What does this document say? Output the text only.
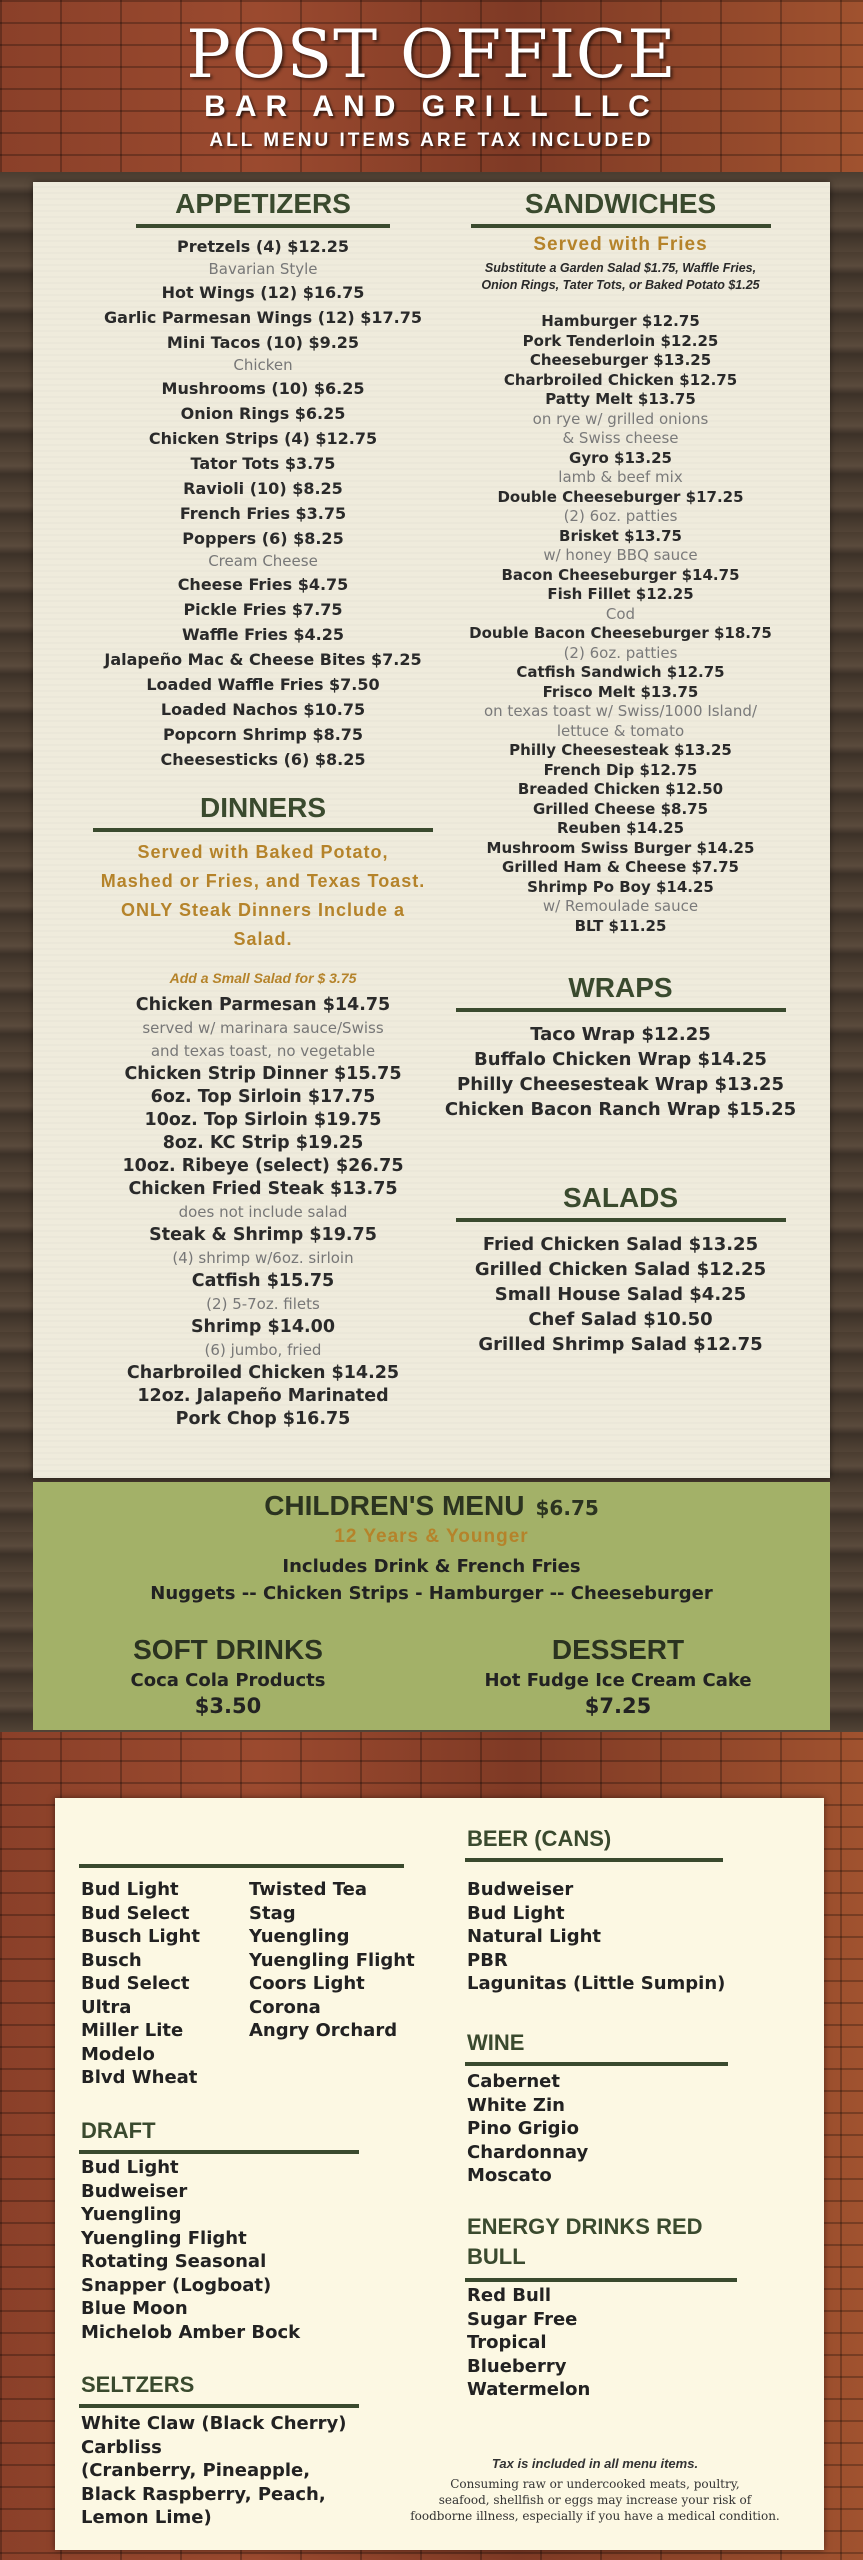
POST OFFICE
BAR AND GRILL LLC
ALL MENU ITEMS ARE TAX INCLUDED
APPETIZERS
Pretzels (4) $12.25
Bavarian Style
Hot Wings (12) $16.75
Garlic Parmesan Wings (12) $17.75
Mini Tacos (10) $9.25
Chicken
Mushrooms (10) $6.25
Onion Rings $6.25
Chicken Strips (4) $12.75
Tator Tots $3.75
Ravioli (10) $8.25
French Fries $3.75
Poppers (6) $8.25
Cream Cheese
Cheese Fries $4.75
Pickle Fries $7.75
Waffle Fries $4.25
Jalapeño Mac & Cheese Bites $7.25
Loaded Waffle Fries $7.50
Loaded Nachos $10.75
Popcorn Shrimp $8.75
Cheesesticks (6) $8.25
DINNERS
Served with Baked Potato,
Mashed or Fries, and Texas Toast.
ONLY Steak Dinners Include a Salad.
Add a Small Salad for $ 3.75
Chicken Parmesan $14.75
served w/ marinara sauce/Swiss
and texas toast, no vegetable
Chicken Strip Dinner $15.75
6oz. Top Sirloin $17.75
10oz. Top Sirloin $19.75
8oz. KC Strip $19.25
10oz. Ribeye (select) $26.75
Chicken Fried Steak $13.75
does not include salad
Steak & Shrimp $19.75
(4) shrimp w/6oz. sirloin
Catfish $15.75
(2) 5-7oz. filets
Shrimp $14.00
(6) jumbo, fried
Charbroiled Chicken $14.25
12oz. Jalapeño Marinated
Pork Chop $16.75
SANDWICHES
Served with Fries
Substitute a Garden Salad $1.75, Waffle Fries,
Onion Rings, Tater Tots, or Baked Potato $1.25
Hamburger $12.75
Pork Tenderloin $12.25
Cheeseburger $13.25
Charbroiled Chicken $12.75
Patty Melt $13.75
on rye w/ grilled onions
& Swiss cheese
Gyro $13.25
lamb & beef mix
Double Cheeseburger $17.25
(2) 6oz. patties
Brisket $13.75
w/ honey BBQ sauce
Bacon Cheeseburger $14.75
Fish Fillet $12.25
Cod
Double Bacon Cheeseburger $18.75
(2) 6oz. patties
Catfish Sandwich $12.75
Frisco Melt $13.75
on texas toast w/ Swiss/1000 Island/
lettuce & tomato
Philly Cheesesteak $13.25
French Dip $12.75
Breaded Chicken $12.50
Grilled Cheese $8.75
Reuben $14.25
Mushroom Swiss Burger $14.25
Grilled Ham & Cheese $7.75
Shrimp Po Boy $14.25
w/ Remoulade sauce
BLT $11.25
WRAPS
Taco Wrap $12.25
Buffalo Chicken Wrap $14.25
Philly Cheesesteak Wrap $13.25
Chicken Bacon Ranch Wrap $15.25
SALADS
Fried Chicken Salad $13.25
Grilled Chicken Salad $12.25
Small House Salad $4.25
Chef Salad $10.50
Grilled Shrimp Salad $12.75
CHILDREN'S MENU $6.75
12 Years & Younger
Includes Drink & French Fries
Nuggets -- Chicken Strips - Hamburger -- Cheeseburger
SOFT DRINKS
Coca Cola Products
$3.50
DESSERT
Hot Fudge Ice Cream Cake
$7.25
Bud Light
Bud Select
Busch Light
Busch
Bud Select
Ultra
Miller Lite
Modelo
Blvd Wheat
Twisted Tea
Stag
Yuengling
Yuengling Flight
Coors Light
Corona
Angry Orchard
DRAFT
Bud Light
Budweiser
Yuengling
Yuengling Flight
Rotating Seasonal
Snapper (Logboat)
Blue Moon
Michelob Amber Bock
SELTZERS
White Claw (Black Cherry)
Carbliss
(Cranberry, Pineapple,
Black Raspberry, Peach,
Lemon Lime)
BEER (CANS)
Budweiser
Bud Light
Natural Light
PBR
Lagunitas (Little Sumpin)
WINE
Cabernet
White Zin
Pino Grigio
Chardonnay
Moscato
ENERGY DRINKS RED
BULL
Red Bull
Sugar Free
Tropical
Blueberry
Watermelon
Tax is included in all menu items.
Consuming raw or undercooked meats, poultry,
seafood, shellfish or eggs may increase your risk of
foodborne illness, especially if you have a medical condition.
